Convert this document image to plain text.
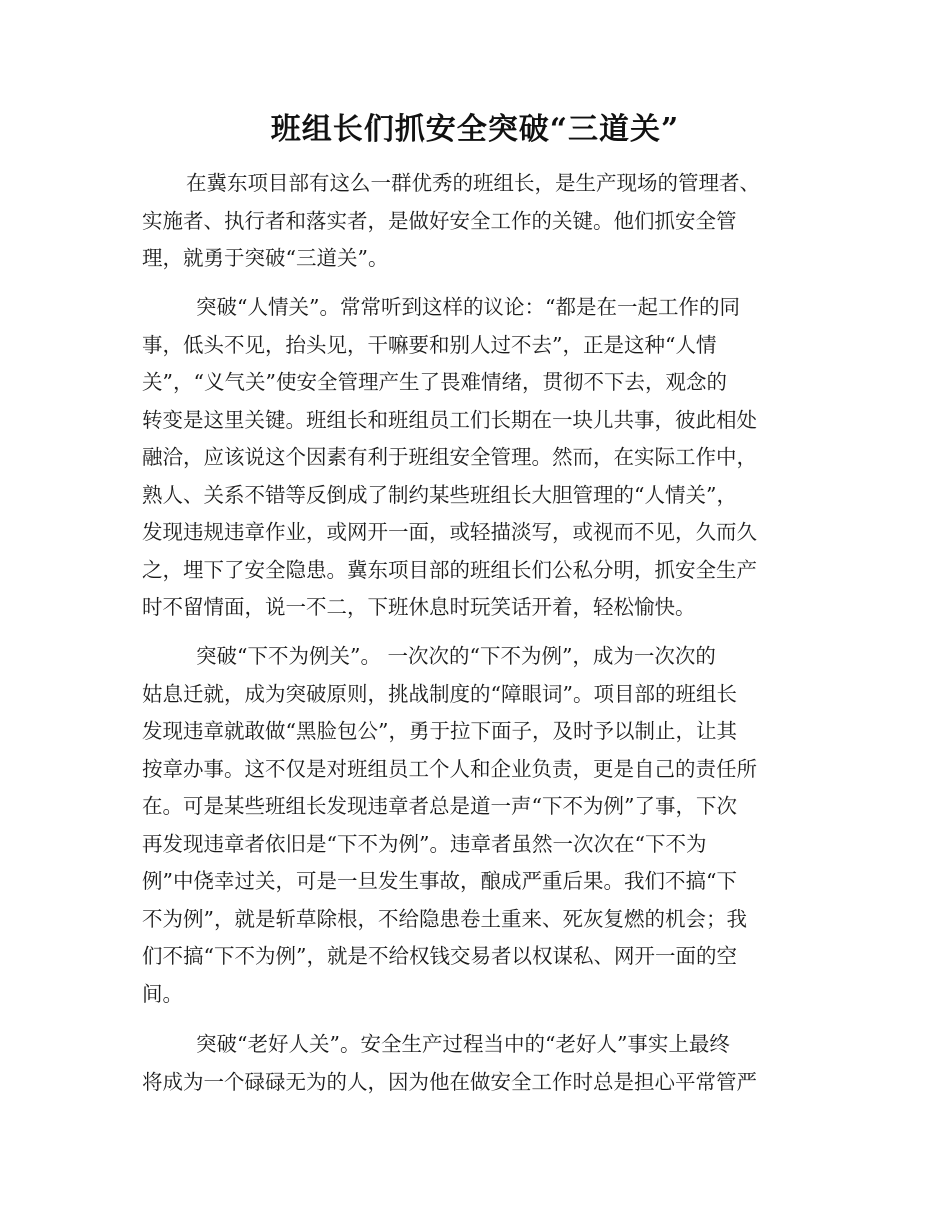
班组长们抓安全突破“三道关”
在冀东项目部有这么一群优秀的班组长，是生产现场的管理者、
实施者、执行者和落实者，是做好安全工作的关键。他们抓安全管
理，就勇于突破“三道关”。
突破“人情关”。常常听到这样的议论：“都是在一起工作的同
事，低头不见，抬头见，干嘛要和别人过不去”，正是这种“人情
关”，“义气关”使安全管理产生了畏难情绪，贯彻不下去，观念的
转变是这里关键。班组长和班组员工们长期在一块儿共事，彼此相处
融洽，应该说这个因素有利于班组安全管理。然而，在实际工作中，
熟人、关系不错等反倒成了制约某些班组长大胆管理的“人情关”，
发现违规违章作业，或网开一面，或轻描淡写，或视而不见，久而久
之，埋下了安全隐患。冀东项目部的班组长们公私分明，抓安全生产
时不留情面，说一不二，下班休息时玩笑话开着，轻松愉快。
突破“下不为例关”。 一次次的“下不为例”，成为一次次的
姑息迁就，成为突破原则，挑战制度的“障眼词”。项目部的班组长
发现违章就敢做“黑脸包公”，勇于拉下面子，及时予以制止，让其
按章办事。这不仅是对班组员工个人和企业负责，更是自己的责任所
在。可是某些班组长发现违章者总是道一声“下不为例”了事，下次
再发现违章者依旧是“下不为例”。违章者虽然一次次在“下不为
例”中侥幸过关，可是一旦发生事故，酿成严重后果。我们不搞“下
不为例”，就是斩草除根，不给隐患卷土重来、死灰复燃的机会；我
们不搞“下不为例”，就是不给权钱交易者以权谋私、网开一面的空
间。
突破“老好人关”。安全生产过程当中的“老好人”事实上最终
将成为一个碌碌无为的人，因为他在做安全工作时总是担心平常管严
